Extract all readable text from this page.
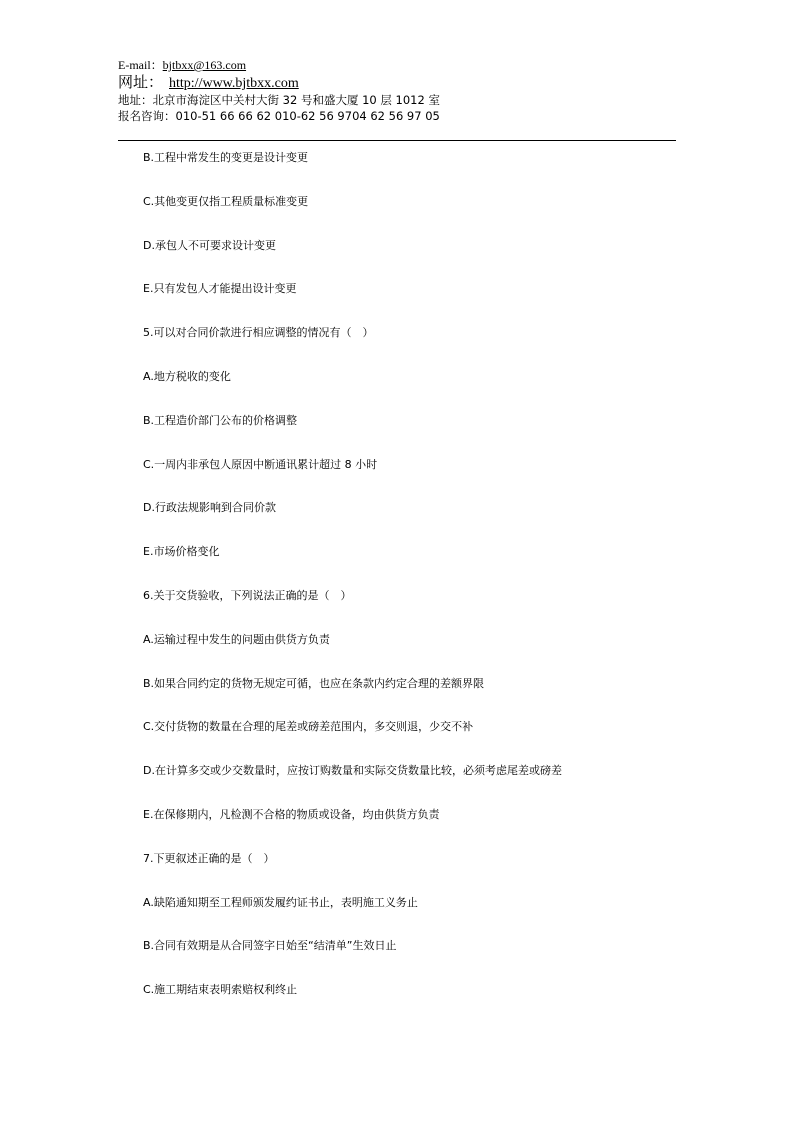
E-mail：bjtbxx@163.com
网址： http://www.bjtbxx.com
地址：北京市海淀区中关村大街 32 号和盛大厦 10 层 1012 室
报名咨询：010-51 66 66 62 010-62 56 9704 62 56 97 05
B.工程中常发生的变更是设计变更
C.其他变更仅指工程质量标准变更
D.承包人不可要求设计变更
E.只有发包人才能提出设计变更
5.可以对合同价款进行相应调整的情况有（　）
A.地方税收的变化
B.工程造价部门公布的价格调整
C.一周内非承包人原因中断通讯累计超过 8 小时
D.行政法规影响到合同价款
E.市场价格变化
6.关于交货验收，下列说法正确的是（　）
A.运输过程中发生的问题由供货方负责
B.如果合同约定的货物无规定可循，也应在条款内约定合理的差额界限
C.交付货物的数量在合理的尾差或磅差范围内，多交则退，少交不补
D.在计算多交或少交数量时，应按订购数量和实际交货数量比较，必须考虑尾差或磅差
E.在保修期内，凡检测不合格的物质或设备，均由供货方负责
7.下更叙述正确的是（　）
A.缺陷通知期至工程师颁发履约证书止，表明施工义务止
B.合同有效期是从合同签字日始至“结清单”生效日止
C.施工期结束表明索赔权利终止
